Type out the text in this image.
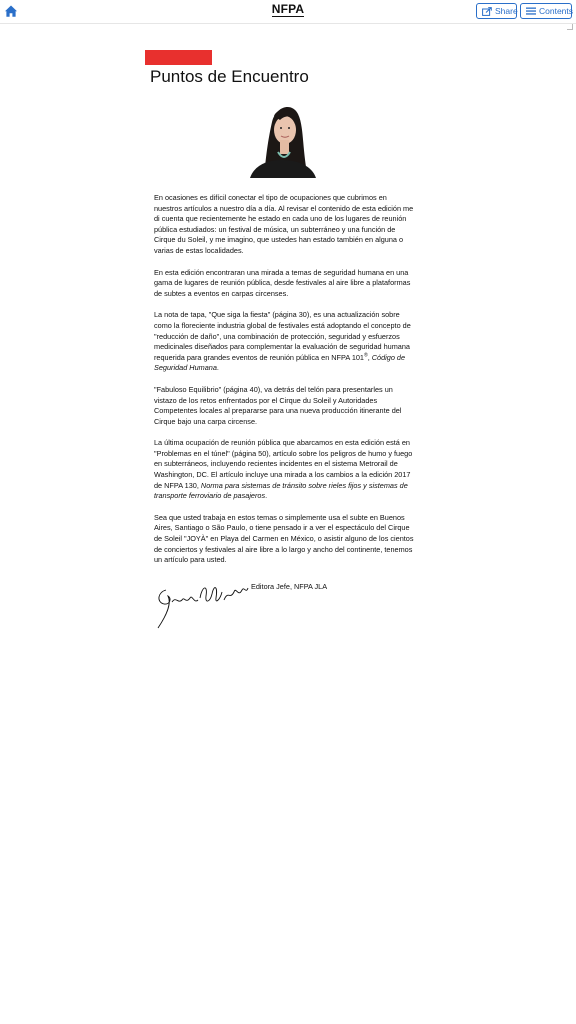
NFPA	Share	Contents
Puntos de Encuentro

En ocasiones es difícil conectar el tipo de ocupaciones que cubrimos en nuestros artículos a nuestro día a día. Al revisar el contenido de esta edición me di cuenta que recientemente he estado en cada uno de los lugares de reunión pública estudiados: un festival de música, un subterráneo y una función de Cirque du Soleil, y me imagino, que ustedes han estado también en alguna o varias de estas localidades.

En esta edición encontraran una mirada a temas de seguridad humana en una gama de lugares de reunión pública, desde festivales al aire libre a plataformas de subtes a eventos en carpas circenses.

La nota de tapa, "Que siga la fiesta" (página 30), es una actualización sobre como la floreciente industria global de festivales está adoptando el concepto de "reducción de daño", una combinación de protección, seguridad y esfuerzos medicinales diseñados para complementar la evaluación de seguridad humana requerida para grandes eventos de reunión pública en NFPA 101®, Código de Seguridad Humana.

"Fabuloso Equilibrio" (página 40), va detrás del telón para presentarles un vistazo de los retos enfrentados por el Cirque du Soleil y Autoridades Competentes locales al prepararse para una nueva producción itinerante del Cirque bajo una carpa circense.

La última ocupación de reunión pública que abarcamos en esta edición está en "Problemas en el túnel" (página 50), artículo sobre los peligros de humo y fuego en subterráneos, incluyendo recientes incidentes en el sistema Metrorail de Washington, DC. El artículo incluye una mirada a los cambios a la edición 2017 de NFPA 130, Norma para sistemas de tránsito sobre rieles fijos y sistemas de transporte ferroviario de pasajeros.

Sea que usted trabaja en estos temas o simplemente usa el subte en Buenos Aires, Santiago o São Paulo, o tiene pensado ir a ver el espectáculo del Cirque de Soleil "JOYÀ" en Playa del Carmen en México, o asistir alguno de los cientos de conciertos y festivales al aire libre a lo largo y ancho del continente, tenemos un artículo para usted.

Editora Jefe, NFPA JLA
